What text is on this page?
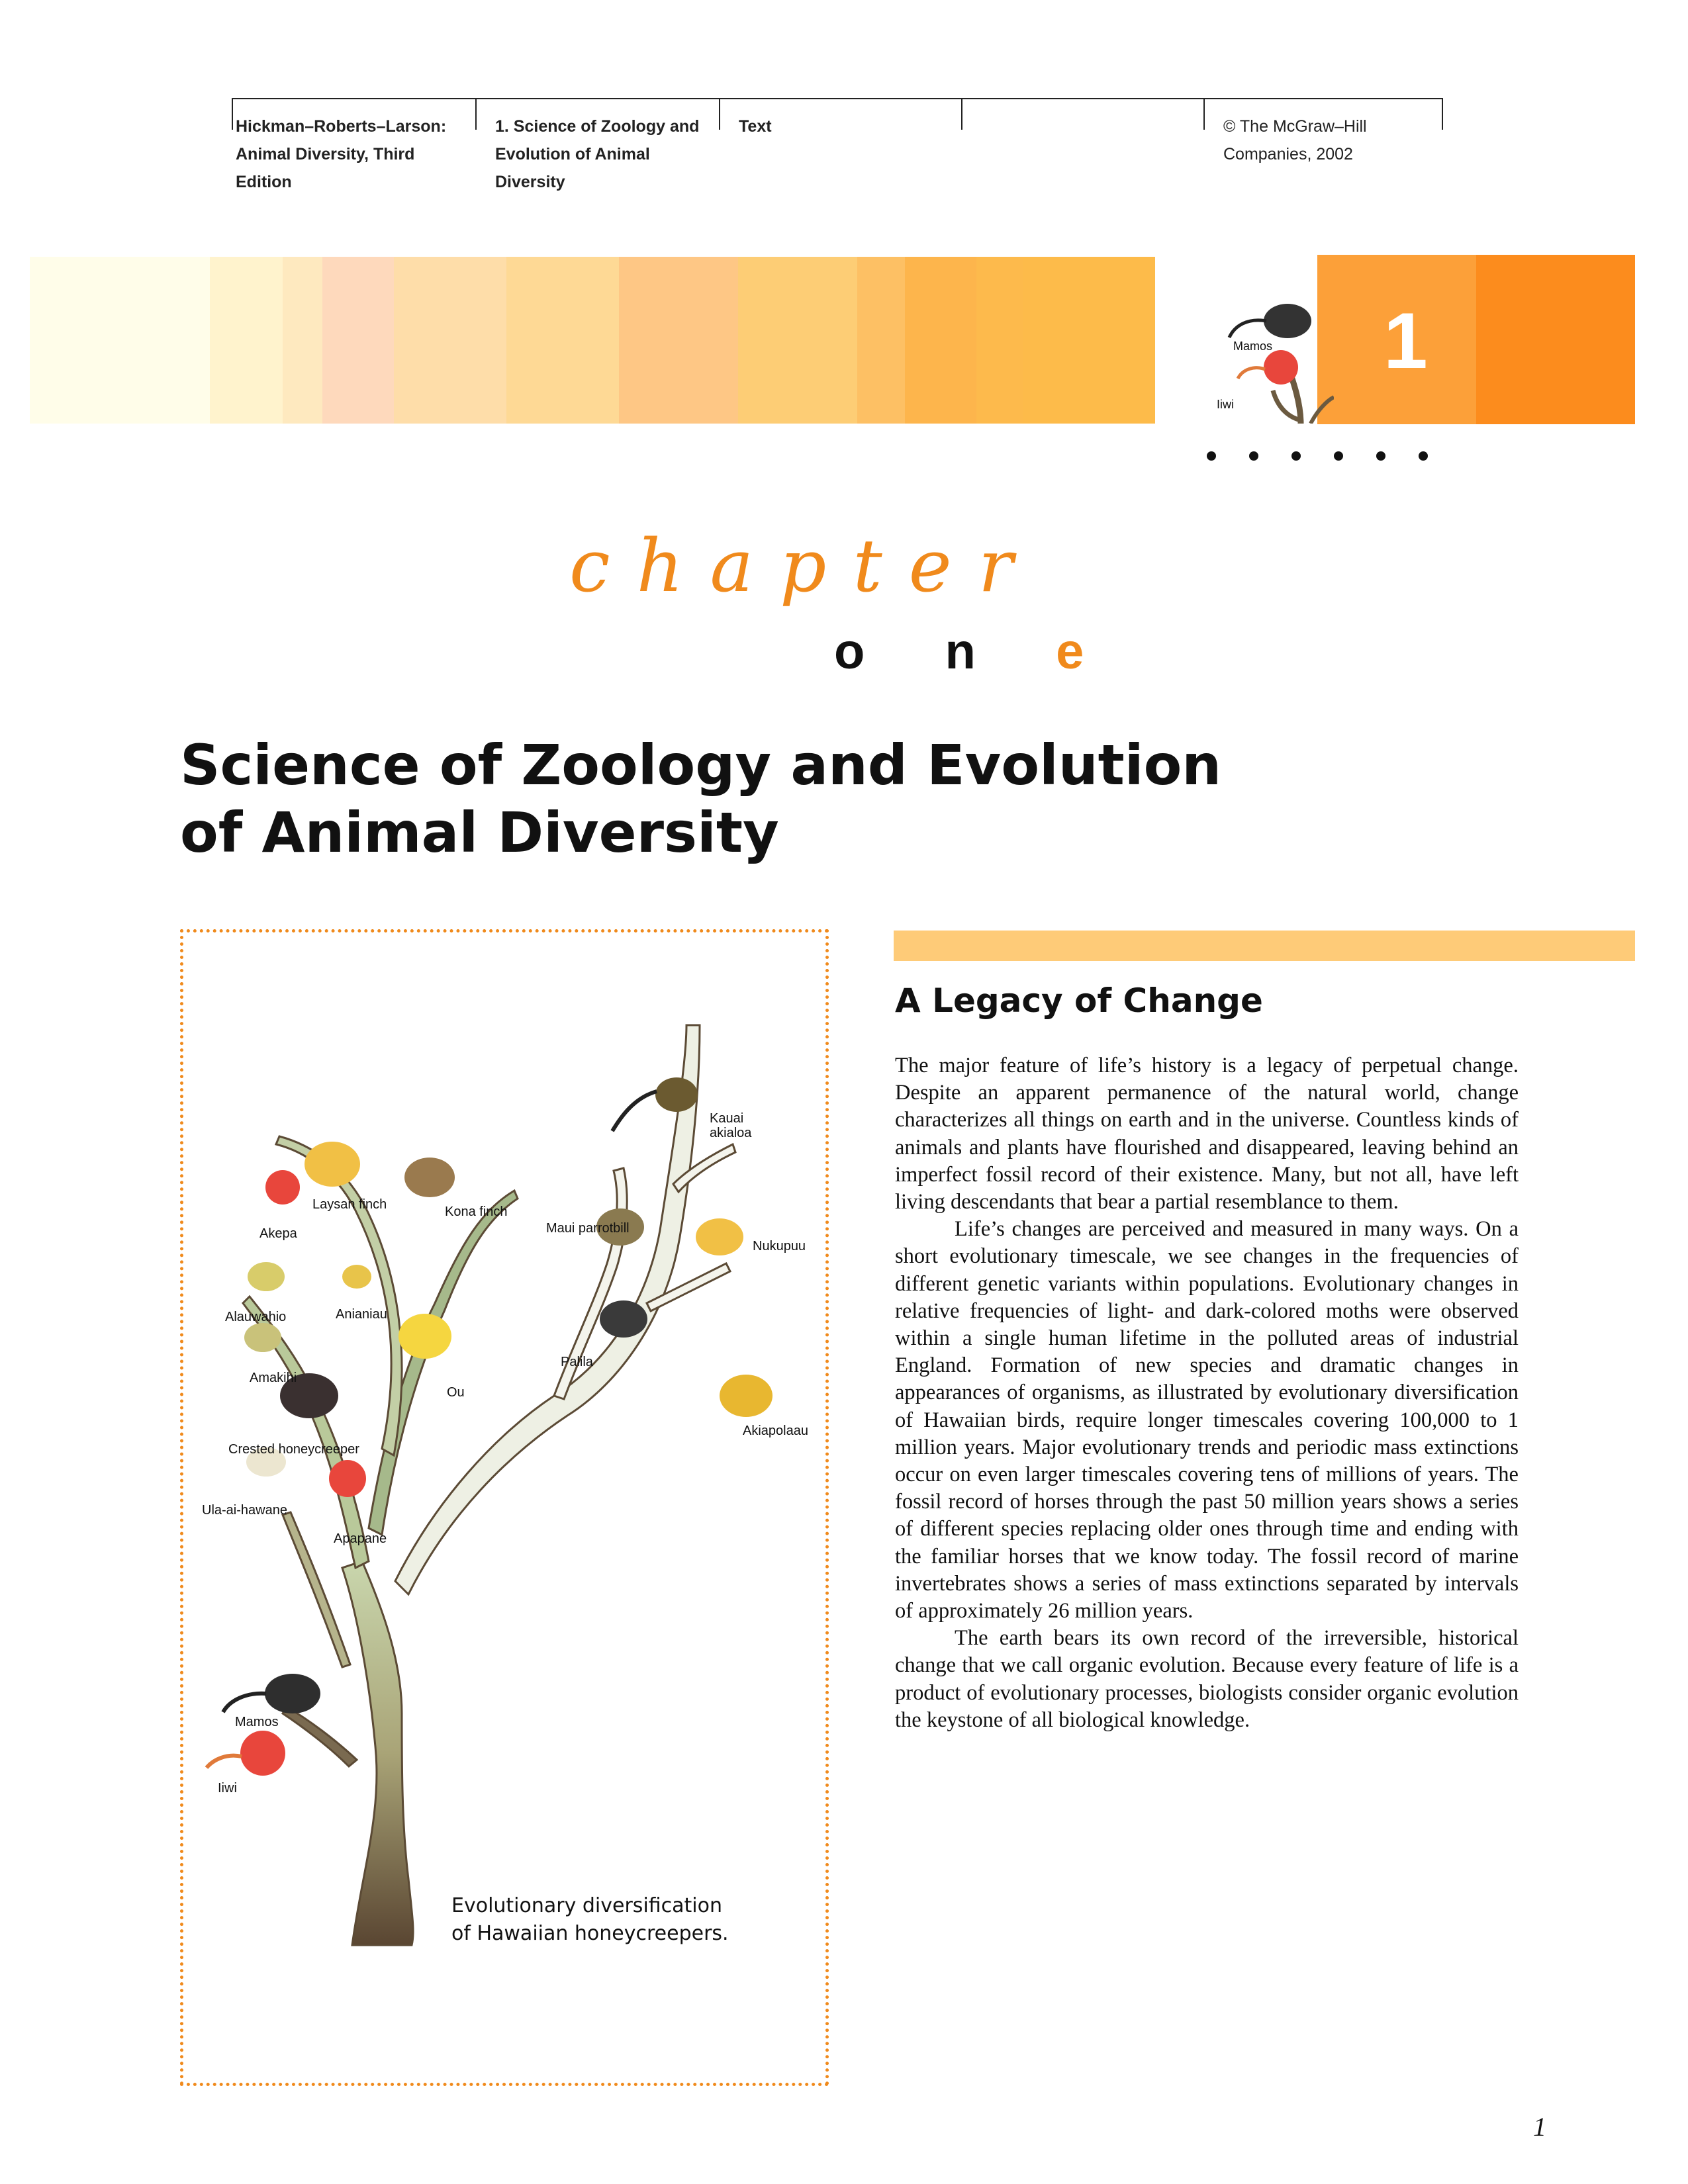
Hickman–Roberts–Larson:
Animal Diversity, Third
Edition
1. Science of Zoology and
Evolution of Animal
Diversity
Text	© The McGraw–Hill
Companies, 2002
Mamos
Iiwi
1
chapter
o n e
Science of Zoology and Evolution
of Animal Diversity
Laysan finch	Kona finch
Kauai
akialoa
Akepa	Maui parrotbill
Nukupuu
Alauwahio	Anianiau
Palila
Amakihi
Ou
Akiapolaau
Crested honeycreeper
Ula-ai-hawane
Apapane
Mamos
Iiwi
Evolutionary diversification
of Hawaiian honeycreepers.
A Legacy of Change

The major feature of life’s history is a legacy of perpetual change. Despite an apparent permanence of the natural world, change characterizes all things on earth and in the universe. Countless kinds of animals and plants have flourished and disappeared, leaving behind an imperfect fossil record of their existence. Many, but not all, have left living descendants that bear a partial resemblance to them.

Life’s changes are perceived and measured in many ways. On a short evolutionary timescale, we see changes in the frequencies of different genetic variants within populations. Evolutionary changes in relative frequencies of light- and dark-colored moths were observed within a single human lifetime in the polluted areas of industrial England. Formation of new species and dramatic changes in appearances of organisms, as illustrated by evolutionary diversification of Hawaiian birds, require longer timescales covering 100,000 to 1 million years. Major evolutionary trends and periodic mass extinctions occur on even larger timescales covering tens of millions of years. The fossil record of horses through the past 50 million years shows a series of different species replacing older ones through time and ending with the familiar horses that we know today. The fossil record of marine invertebrates shows a series of mass extinctions separated by intervals of approximately 26 million years.

The earth bears its own record of the irreversible, historical change that we call organic evolution. Because every feature of life is a product of evolutionary processes, biologists consider organic evolution the keystone of all biological knowledge.

1
